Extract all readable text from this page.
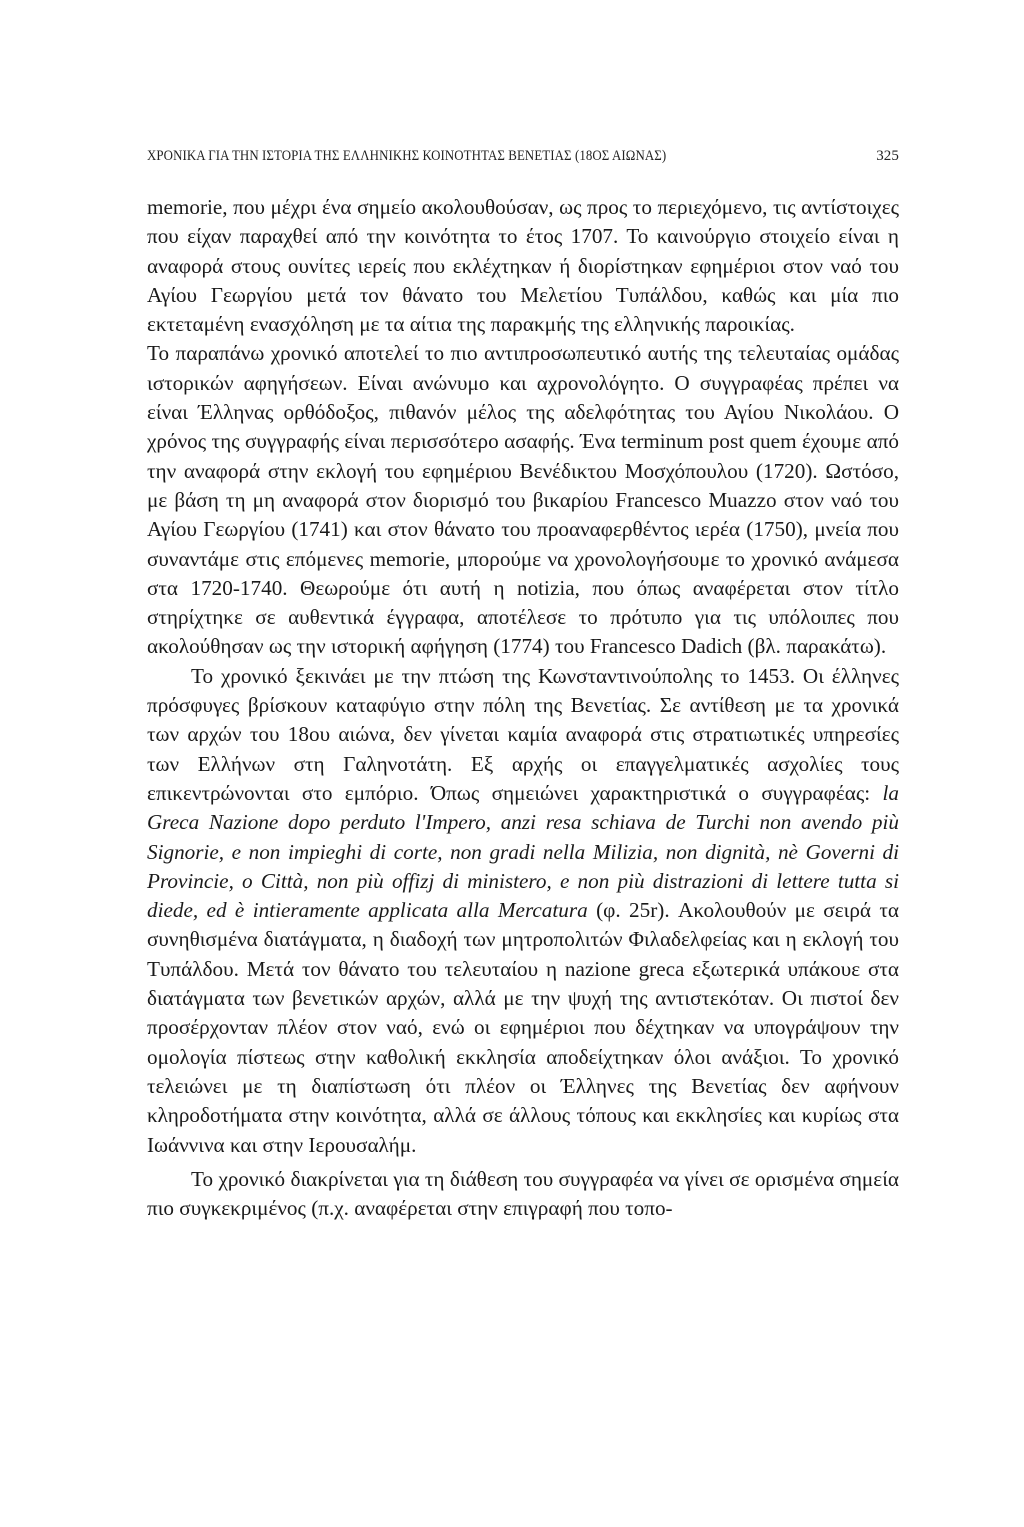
ΧΡΟΝΙΚΑ ΓΙΑ ΤΗΝ ΙΣΤΟΡΙΑ ΤΗΣ ΕΛΛΗΝΙΚΗΣ ΚΟΙΝΟΤΗΤΑΣ ΒΕΝΕΤΙΑΣ (18ΟΣ ΑΙΩΝΑΣ)	325

memorie, που μέχρι ένα σημείο ακολουθούσαν, ως προς το περιεχόμενο, τις αντίστοιχες που είχαν παραχθεί από την κοινότητα το έτος 1707. Το καινούργιο στοιχείο είναι η αναφορά στους ουνίτες ιερείς που εκλέχτηκαν ή διορίστηκαν εφημέριοι στον ναό του Αγίου Γεωργίου μετά τον θάνατο του Μελετίου Τυπάλδου, καθώς και μία πιο εκτεταμένη ενασχόληση με τα αίτια της παρακμής της ελληνικής παροικίας.

Το παραπάνω χρονικό αποτελεί το πιο αντιπροσωπευτικό αυτής της τελευταίας ομάδας ιστορικών αφηγήσεων. Είναι ανώνυμο και αχρονολόγητο. Ο συγγραφέας πρέπει να είναι Έλληνας ορθόδοξος, πιθανόν μέλος της αδελφότητας του Αγίου Νικολάου. Ο χρόνος της συγγραφής είναι περισσότερο ασαφής. Ένα terminum post quem έχουμε από την αναφορά στην εκλογή του εφημέριου Βενέδικτου Μοσχόπουλου (1720). Ωστόσο, με βάση τη μη αναφορά στον διορισμό του βικαρίου Francesco Muazzo στον ναό του Αγίου Γεωργίου (1741) και στον θάνατο του προαναφερθέντος ιερέα (1750), μνεία που συναντάμε στις επόμενες memorie, μπορούμε να χρονολογήσουμε το χρονικό ανάμεσα στα 1720-1740. Θεωρούμε ότι αυτή η notizia, που όπως αναφέρεται στον τίτλο στηρίχτηκε σε αυθεντικά έγγραφα, αποτέλεσε το πρότυπο για τις υπόλοιπες που ακολούθησαν ως την ιστορική αφήγηση (1774) του Francesco Dadich (βλ. παρακάτω).

Το χρονικό ξεκινάει με την πτώση της Κωνσταντινούπολης το 1453. Οι έλληνες πρόσφυγες βρίσκουν καταφύγιο στην πόλη της Βενετίας. Σε αντίθεση με τα χρονικά των αρχών του 18ου αιώνα, δεν γίνεται καμία αναφορά στις στρατιωτικές υπηρεσίες των Ελλήνων στη Γαληνοτάτη. Εξ αρχής οι επαγγελματικές ασχολίες τους επικεντρώνονται στο εμπόριο. Όπως σημειώνει χαρακτηριστικά ο συγγραφέας: la Greca Nazione dopo perduto l'Impero, anzi resa schiava de Turchi non avendo più Signorie, e non impieghi di corte, non gradi nella Milizia, non dignità, nè Governi di Provincie, o Città, non più offizj di ministero, e non più distrazioni di lettere tutta si diede, ed è intieramente applicata alla Mercatura (φ. 25r). Ακολουθούν με σειρά τα συνηθισμένα διατάγματα, η διαδοχή των μητροπολιτών Φιλαδελφείας και η εκλογή του Τυπάλδου. Μετά τον θάνατο του τελευταίου η nazione greca εξωτερικά υπάκουε στα διατάγματα των βενετικών αρχών, αλλά με την ψυχή της αντιστεκόταν. Οι πιστοί δεν προσέρχονταν πλέον στον ναό, ενώ οι εφημέριοι που δέχτηκαν να υπογράψουν την ομολογία πίστεως στην καθολική εκκλησία αποδείχτηκαν όλοι ανάξιοι. Το χρονικό τελειώνει με τη διαπίστωση ότι πλέον οι Έλληνες της Βενετίας δεν αφήνουν κληροδοτήματα στην κοινότητα, αλλά σε άλλους τόπους και εκκλησίες και κυρίως στα Ιωάννινα και στην Ιερουσαλήμ.

Το χρονικό διακρίνεται για τη διάθεση του συγγραφέα να γίνει σε ορισμένα σημεία πιο συγκεκριμένος (π.χ. αναφέρεται στην επιγραφή που τοπο-
